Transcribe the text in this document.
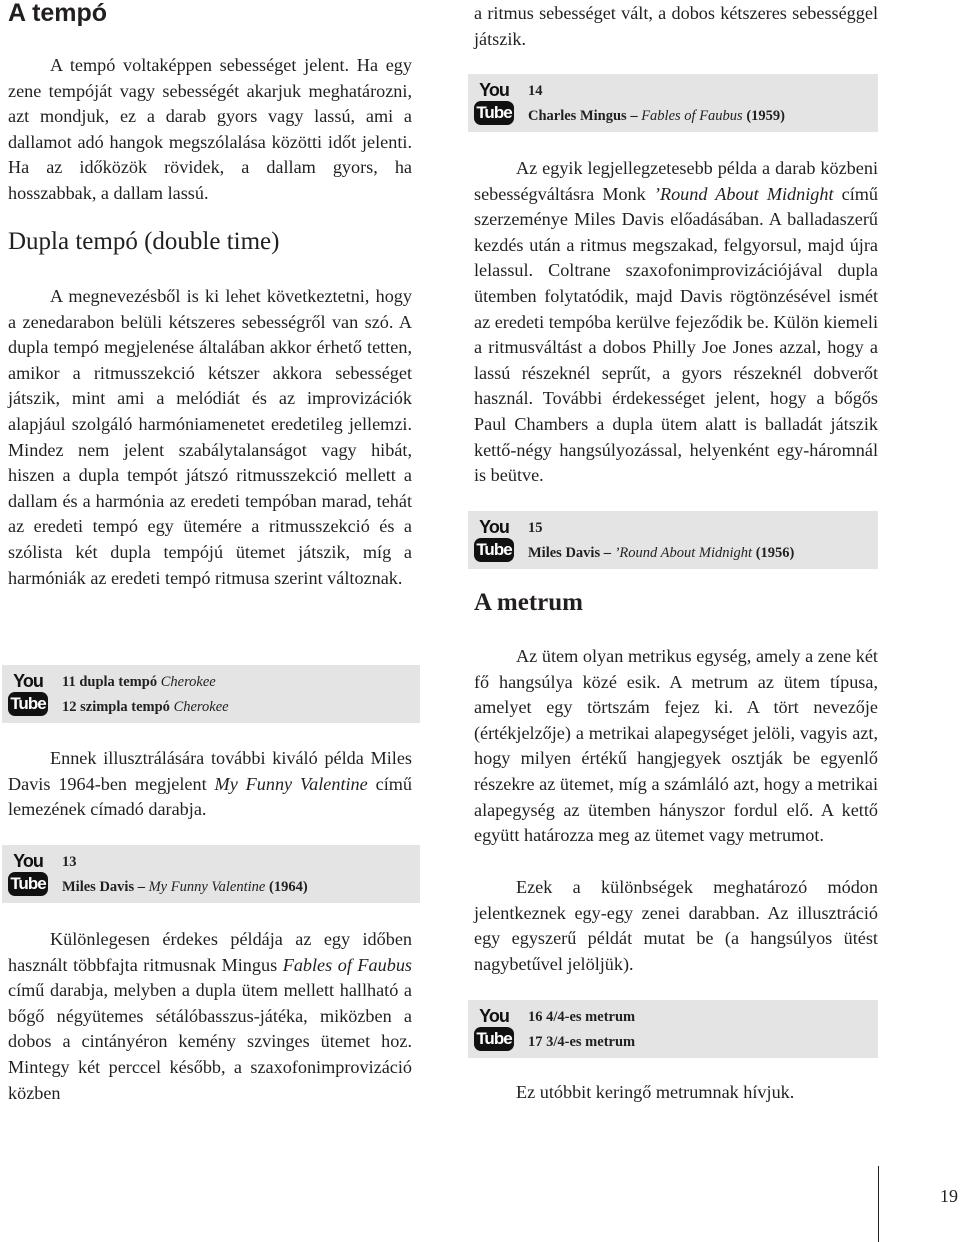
A tempó

A tempó voltaképpen sebességet jelent. Ha egy zene tempóját vagy sebességét akarjuk meghatározni, azt mondjuk, ez a darab gyors vagy lassú, ami a dallamot adó hangok megszólalása közötti időt jelenti. Ha az időközök rövidek, a dallam gyors, ha hosszabbak, a dallam lassú.

Dupla tempó (double time)

A megnevezésből is ki lehet következtetni, hogy a zenedarabon belüli kétszeres sebességről van szó. A dupla tempó megjelenése általában akkor érhető tetten, amikor a ritmusszekció kétszer akkora sebességet játszik, mint ami a melódiát és az improvizációk alapjául szolgáló harmóniamenetet eredetileg jellemzi. Mindez nem jelent szabálytalanságot vagy hibát, hiszen a dupla tempót játszó ritmusszekció mellett a dallam és a harmónia az eredeti tempóban marad, tehát az eredeti tempó egy ütemére a ritmusszekció és a szólista két dupla tempójú ütemet játszik, míg a harmóniák az eredeti tempó ritmusa szerint változnak.

You
Tube
11 dupla tempó Cherokee
12 szimpla tempó Cherokee

Ennek illusztrálására további kiváló példa Miles Davis 1964-ben megjelent My Funny Valentine című lemezének címadó darabja.

You
Tube
13
Miles Davis – My Funny Valentine (1964)

Különlegesen érdekes példája az egy időben használt többfajta ritmusnak Mingus Fables of Faubus című darabja, melyben a dupla ütem mellett hallható a bőgő négyütemes sétálóbasszus-játéka, miközben a dobos a cintányéron kemény szvinges ütemet hoz. Mintegy két perccel később, a szaxofonimprovizáció közben

a ritmus sebességet vált, a dobos kétszeres sebességgel játszik.

You
Tube
14
Charles Mingus – Fables of Faubus (1959)

Az egyik legjellegzetesebb példa a darab közbeni sebességváltásra Monk ’Round About Midnight című szerzeménye Miles Davis előadásában. A balladaszerű kezdés után a ritmus megszakad, felgyorsul, majd újra lelassul. Coltrane szaxofonimprovizációjával dupla ütemben folytatódik, majd Davis rögtönzésével ismét az eredeti tempóba kerülve fejeződik be. Külön kiemeli a ritmusváltást a dobos Philly Joe Jones azzal, hogy a lassú részeknél seprűt, a gyors részeknél dobverőt használ. További érdekességet jelent, hogy a bőgős Paul Chambers a dupla ütem alatt is balladát játszik kettő-négy hangsúlyozással, helyenként egy-háromnál is beütve.

You
Tube
15
Miles Davis – ’Round About Midnight (1956)
A metrum

Az ütem olyan metrikus egység, amely a zene két fő hangsúlya közé esik. A metrum az ütem típusa, amelyet egy törtszám fejez ki. A tört nevezője (értékjelzője) a metrikai alapegységet jelöli, vagyis azt, hogy milyen értékű hangjegyek osztják be egyenlő részekre az ütemet, míg a számláló azt, hogy a metrikai alapegység az ütemben hányszor fordul elő. A kettő együtt határozza meg az ütemet vagy metrumot.

Ezek a különbségek meghatározó módon jelentkeznek egy-egy zenei darabban. Az illusztráció egy egyszerű példát mutat be (a hangsúlyos ütést nagybetűvel jelöljük).

You
Tube
16 4/4-es metrum
17 3/4-es metrum

Ez utóbbit keringő metrumnak hívjuk.

19
